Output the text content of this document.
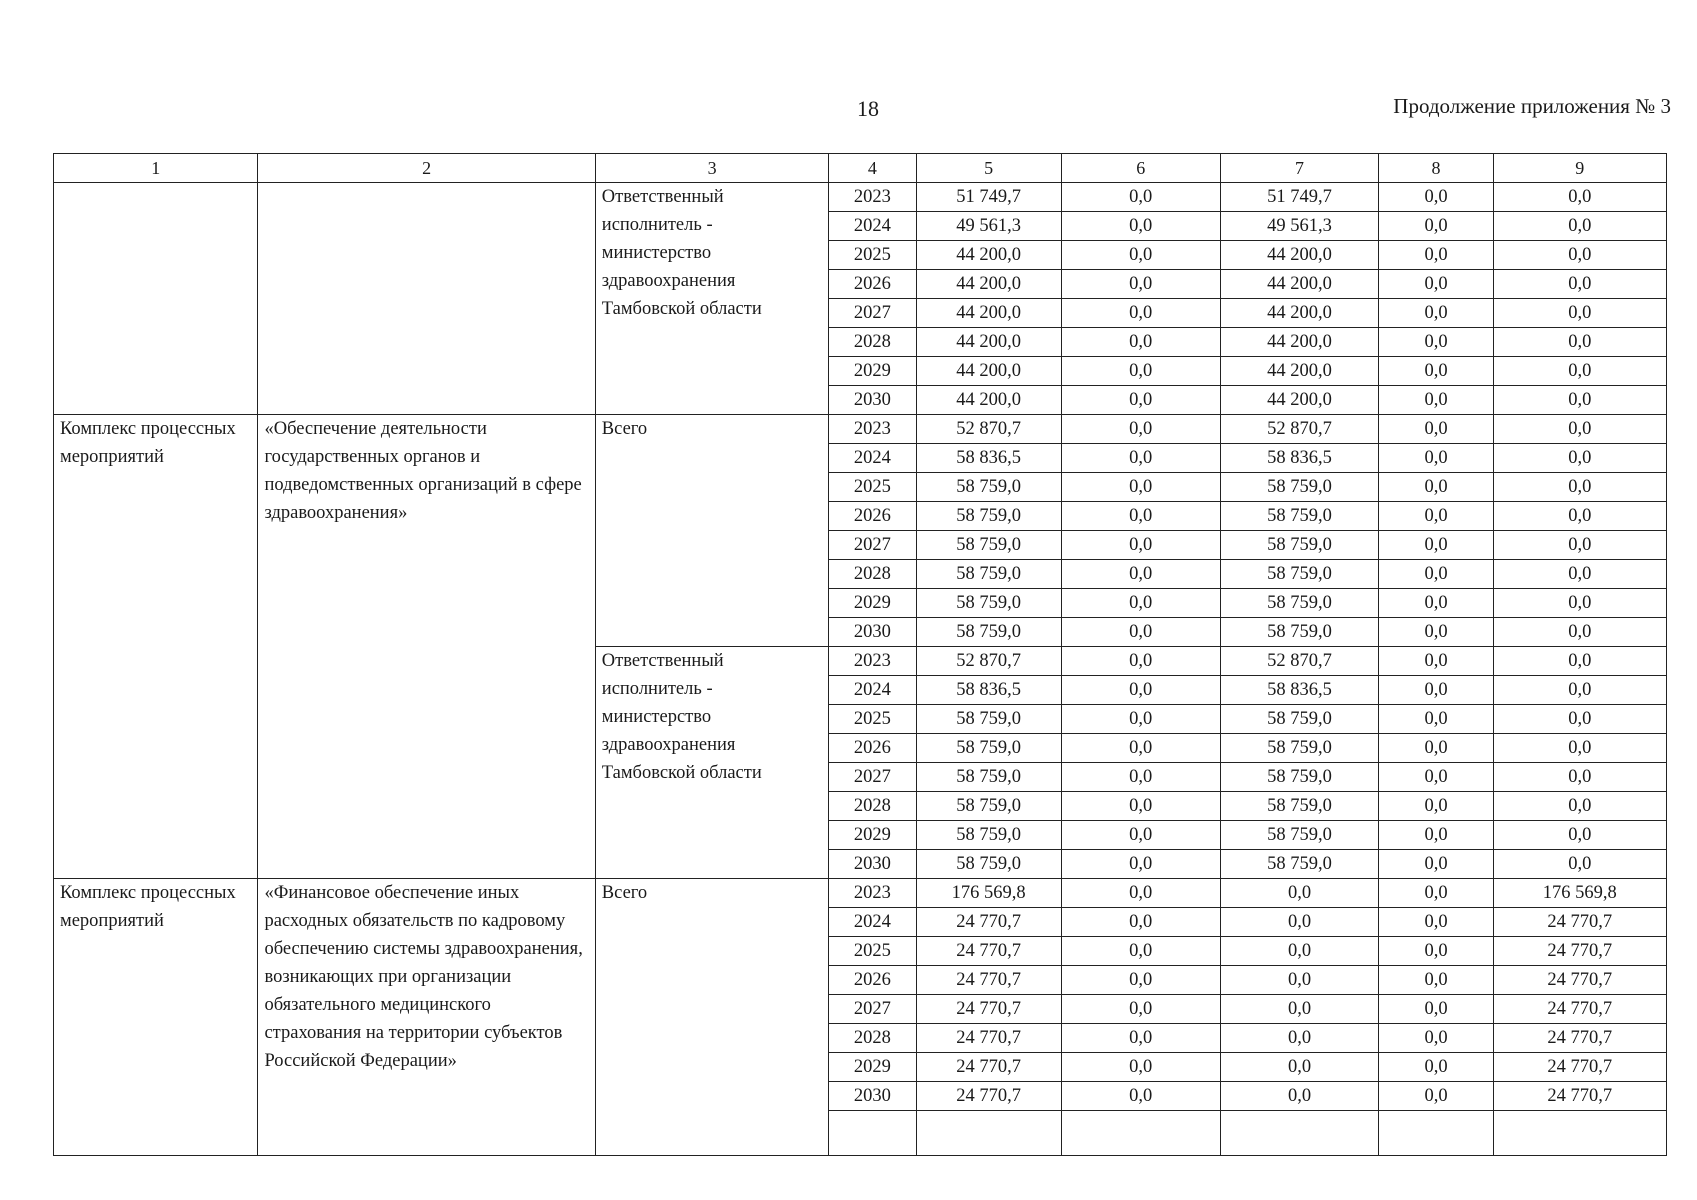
18	Продолжение приложения № 3
1	2	3	4	5	6	7	8	9
		Ответственный исполнитель - министерство здравоохранения Тамбовской области	2023	51 749,7	0,0	51 749,7	0,0	0,0
			2024	49 561,3	0,0	49 561,3	0,0	0,0
			2025	44 200,0	0,0	44 200,0	0,0	0,0
			2026	44 200,0	0,0	44 200,0	0,0	0,0
			2027	44 200,0	0,0	44 200,0	0,0	0,0
			2028	44 200,0	0,0	44 200,0	0,0	0,0
			2029	44 200,0	0,0	44 200,0	0,0	0,0
			2030	44 200,0	0,0	44 200,0	0,0	0,0
Комплекс процессных мероприятий	«Обеспечение деятельности государственных органов и подведомственных организаций в сфере здравоохранения»	Всего	2023	52 870,7	0,0	52 870,7	0,0	0,0
			2024	58 836,5	0,0	58 836,5	0,0	0,0
			2025	58 759,0	0,0	58 759,0	0,0	0,0
			2026	58 759,0	0,0	58 759,0	0,0	0,0
			2027	58 759,0	0,0	58 759,0	0,0	0,0
			2028	58 759,0	0,0	58 759,0	0,0	0,0
			2029	58 759,0	0,0	58 759,0	0,0	0,0
			2030	58 759,0	0,0	58 759,0	0,0	0,0
		Ответственный исполнитель - министерство здравоохранения Тамбовской области	2023	52 870,7	0,0	52 870,7	0,0	0,0
			2024	58 836,5	0,0	58 836,5	0,0	0,0
			2025	58 759,0	0,0	58 759,0	0,0	0,0
			2026	58 759,0	0,0	58 759,0	0,0	0,0
			2027	58 759,0	0,0	58 759,0	0,0	0,0
			2028	58 759,0	0,0	58 759,0	0,0	0,0
			2029	58 759,0	0,0	58 759,0	0,0	0,0
			2030	58 759,0	0,0	58 759,0	0,0	0,0
Комплекс процессных мероприятий	«Финансовое обеспечение иных расходных обязательств по кадровому обеспечению системы здравоохранения, возникающих при организации обязательного медицинского страхования на территории субъектов Российской Федерации»	Всего	2023	176 569,8	0,0	0,0	0,0	176 569,8
			2024	24 770,7	0,0	0,0	0,0	24 770,7
			2025	24 770,7	0,0	0,0	0,0	24 770,7
			2026	24 770,7	0,0	0,0	0,0	24 770,7
			2027	24 770,7	0,0	0,0	0,0	24 770,7
			2028	24 770,7	0,0	0,0	0,0	24 770,7
			2029	24 770,7	0,0	0,0	0,0	24 770,7
			2030	24 770,7	0,0	0,0	0,0	24 770,7
